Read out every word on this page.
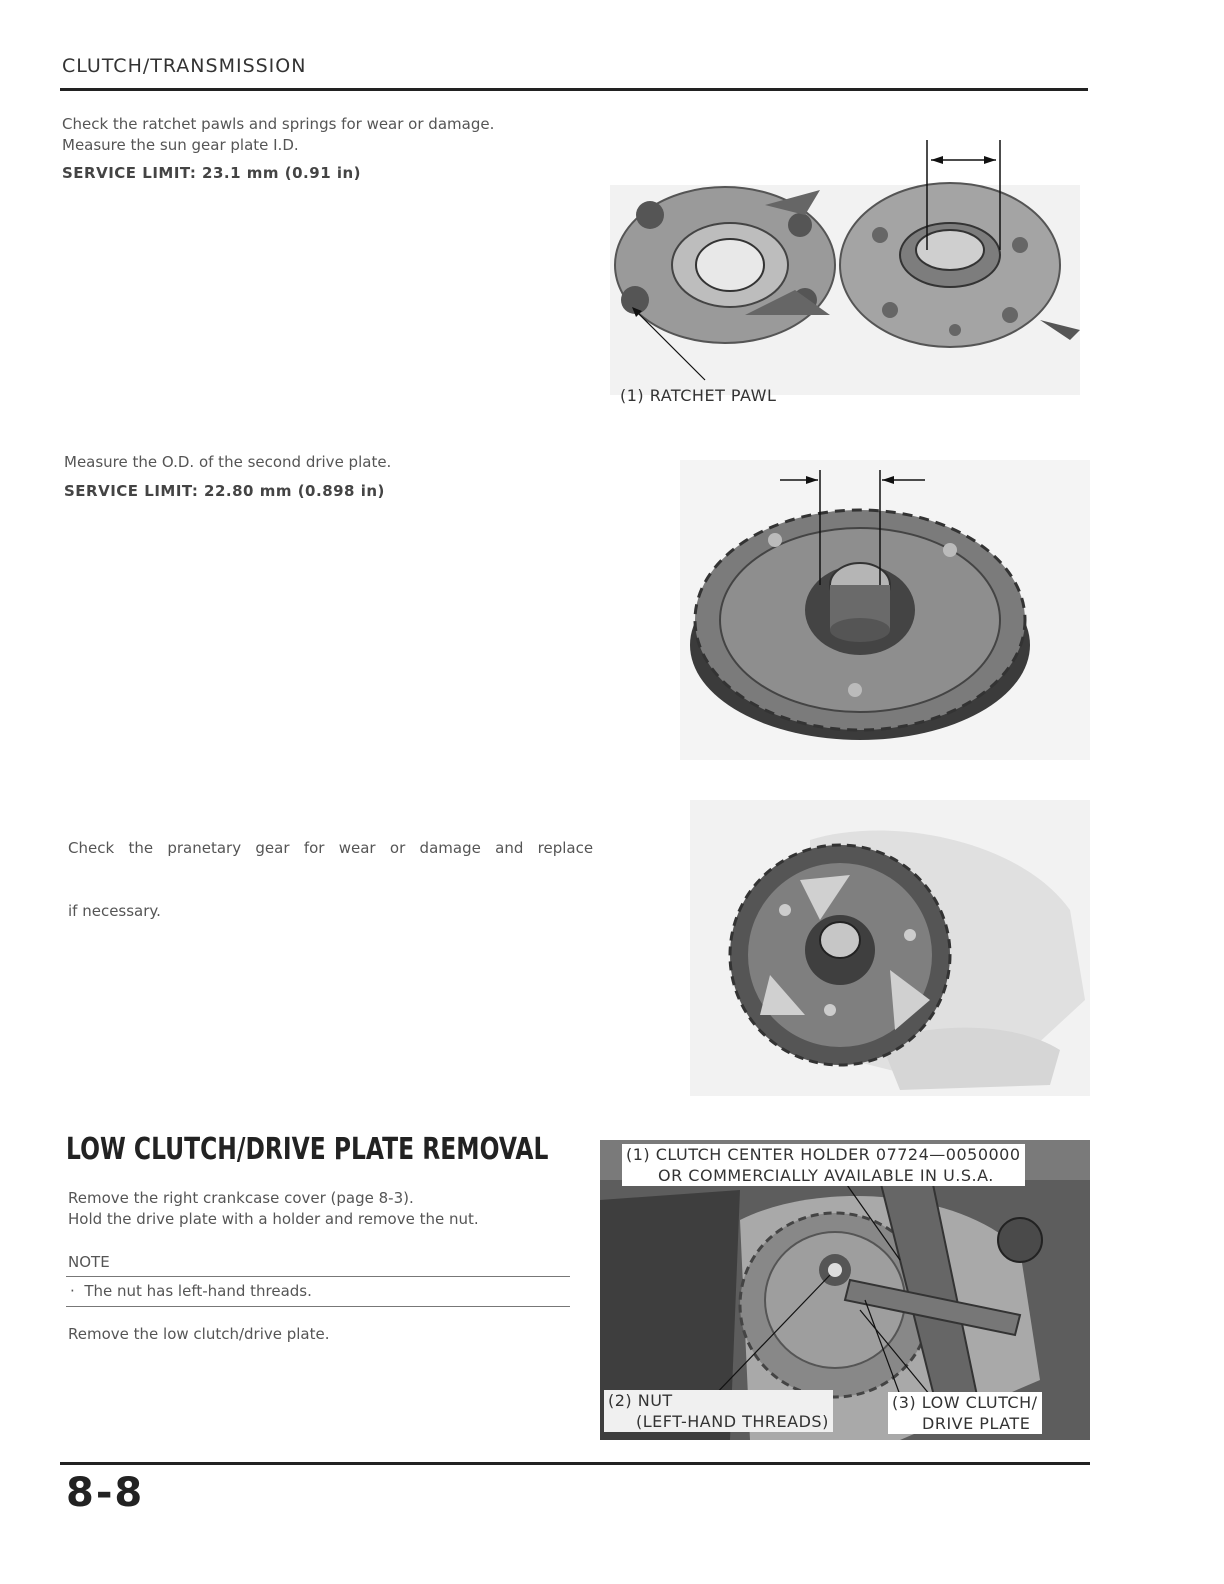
CLUTCH/TRANSMISSION
Check the ratchet pawls and springs for wear or damage.
Measure the sun gear plate I.D.
SERVICE LIMIT: 23.1 mm (0.91 in)
(1) RATCHET PAWL
Measure the O.D. of the second drive plate.
SERVICE LIMIT: 22.80 mm (0.898 in)

Check   the   pranetary   gear   for   wear   or   damage   and   replace

if necessary.

LOW CLUTCH/DRIVE PLATE REMOVAL
Remove the right crankcase cover (page 8-3).
Hold the drive plate with a holder and remove the nut.
NOTE
·  The nut has left-hand threads.
Remove the low clutch/drive plate.
(1) CLUTCH CENTER HOLDER 07724—0050000
OR COMMERCIALLY AVAILABLE IN U.S.A.
(2) NUT
(LEFT-HAND THREADS)
(3) LOW CLUTCH/
DRIVE PLATE
8-8
